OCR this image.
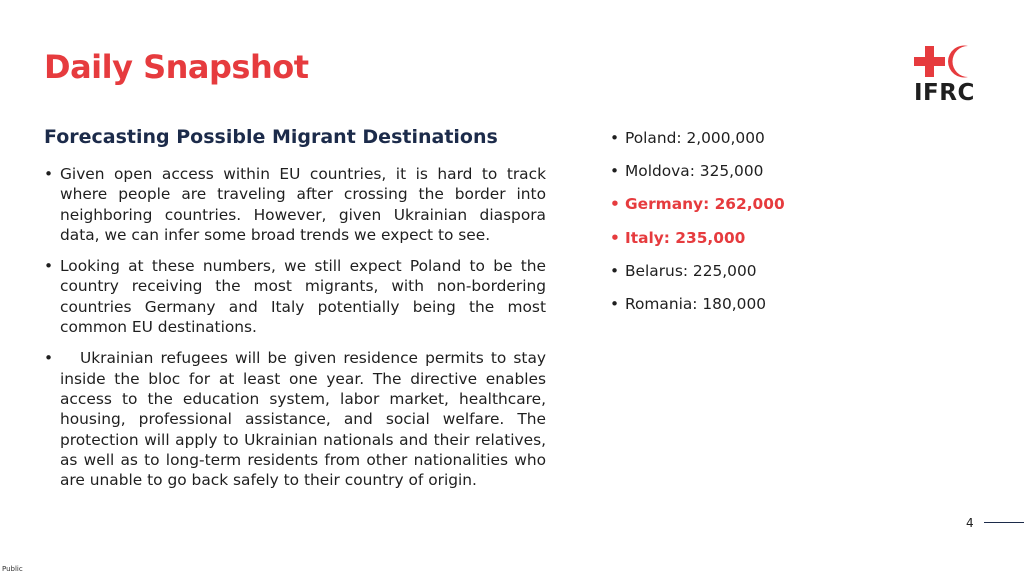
Daily Snapshot
IFRC
Forecasting Possible Migrant Destinations
• Given open access within EU countries, it is hard to track where people are traveling after crossing the border into neighboring countries. However, given Ukrainian diaspora data, we can infer some broad trends we expect to see.
• Looking at these numbers, we still expect Poland to be the country receiving the most migrants, with non-bordering countries Germany and Italy potentially being the most common EU destinations.
• Ukrainian refugees will be given residence permits to stay inside the bloc for at least one year. The directive enables access to the education system, labor market, healthcare, housing, professional assistance, and social welfare. The protection will apply to Ukrainian nationals and their relatives, as well as to long-term residents from other nationalities who are unable to go back safely to their country of origin.
• Poland: 2,000,000
• Moldova: 325,000
• Germany: 262,000
• Italy: 235,000
• Belarus: 225,000
• Romania: 180,000
4
Public
